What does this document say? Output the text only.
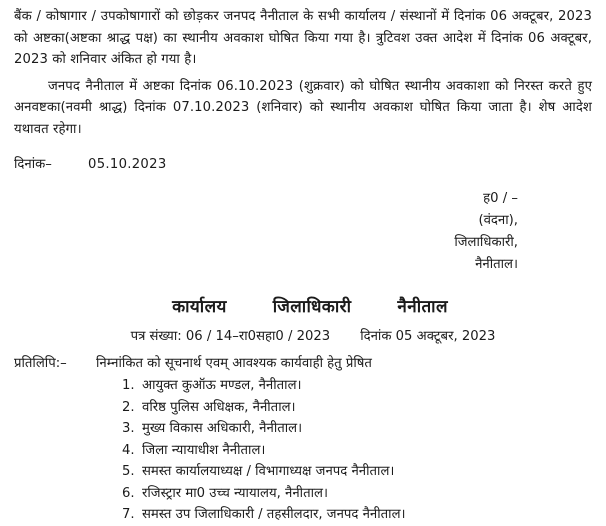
बैंक / कोषागार / उपकोषागारों को छोड़कर जनपद नैनीताल के सभी कार्यालय / संस्थानों में दिनांक 06 अक्टूबर, 2023 को अष्टका(अष्टका श्राद्ध पक्ष) का स्थानीय अवकाश घोषित किया गया है। त्रुटिवश उक्त आदेश में दिनांक 06 अक्टूबर, 2023 को शनिवार अंकित हो गया है।

जनपद नैनीताल में अष्टका दिनांक 06.10.2023 (शुक्रवार) को घोषित स्थानीय अवकाशा को निरस्त करते हुए अनवष्टका(नवमी श्राद्ध) दिनांक 07.10.2023 (शनिवार) को स्थानीय अवकाश घोषित किया जाता है। शेष आदेश यथावत रहेगा।

दिनांक–	05.10.2023
ह0 / –
(वंदना),
जिलाधिकारी,
नैनीताल।
कार्यालय	जिलाधिकारी	नैनीताल
पत्र संख्या: 06 / 14–रा0सहा0 / 2023 दिनांक 05 अक्टूबर, 2023
प्रतिलिपि:–	निम्नांकित को सूचनार्थ एवम् आवश्यक कार्यवाही हेतु प्रेषित
1. आयुक्त कुऑऊ मण्डल, नैनीताल।
2. वरिष्ठ पुलिस अधिक्षक, नैनीताल।
3. मुख्य विकास अधिकारी, नैनीताल।
4. जिला न्यायाधीश नैनीताल।
5. समस्त कार्यालयाध्यक्ष / विभागाध्यक्ष जनपद नैनीताल।
6. रजिस्ट्रार मा0 उच्च न्यायालय, नैनीताल।
7. समस्त उप जिलाधिकारी / तहसीलदार, जनपद नैनीताल।
